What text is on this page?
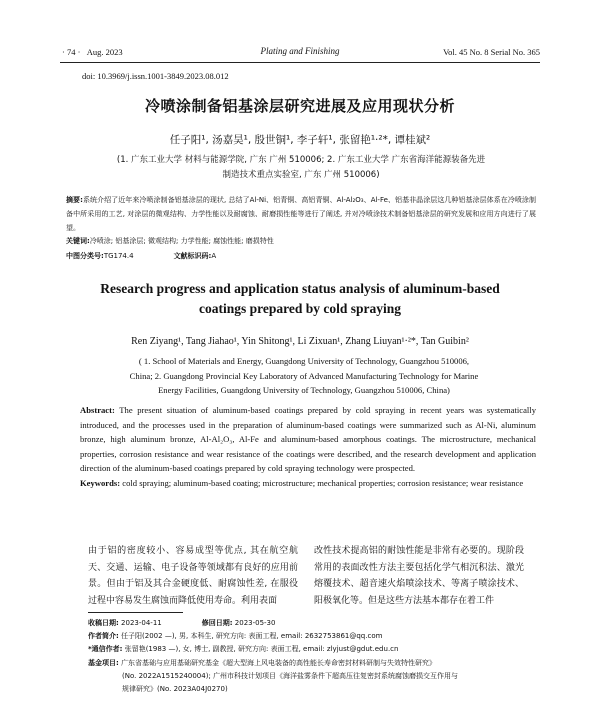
· 74 · Aug. 2023	Plating and Finishing	Vol. 45 No. 8 Serial No. 365
doi: 10.3969/j.issn.1001-3849.2023.08.012
冷喷涂制备铝基涂层研究进展及应用现状分析
任子阳¹, 汤嘉昊¹, 殷世铜¹, 李子轩¹, 张留艳¹·²*, 谭桂斌²
(1. 广东工业大学 材料与能源学院, 广东 广州 510006; 2. 广东工业大学 广东省海洋能源装备先进
制造技术重点实验室, 广东 广州 510006)
摘要:系统介绍了近年来冷喷涂制备铝基涂层的现状, 总结了Al-Ni、铝青铜、高铝青铜、Al-Al₂O₃、Al-Fe、铝基非晶涂层这几种铝基涂层体系在冷喷涂制备中所采用的工艺, 对涂层的微观结构、力学性能以及耐腐蚀、耐磨损性能等进行了阐述, 并对冷喷涂技术制备铝基涂层的研究发展和应用方向进行了展望。
关键词:冷喷涂; 铝基涂层; 微观结构; 力学性能; 腐蚀性能; 磨损特性
中图分类号:TG174.4	文献标识码:A
Research progress and application status analysis of aluminum-based
coatings prepared by cold spraying
Ren Ziyang¹, Tang Jiahao¹, Yin Shitong¹, Li Zixuan¹, Zhang Liuyan¹·²*, Tan Guibin²
( 1. School of Materials and Energy, Guangdong University of Technology, Guangzhou 510006,
China; 2. Guangdong Provincial Key Laboratory of Advanced Manufacturing Technology for Marine
Energy Facilities, Guangdong University of Technology, Guangzhou 510006, China)
Abstract: The present situation of aluminum-based coatings prepared by cold spraying in recent years was systematically introduced, and the processes used in the preparation of aluminum-based coatings were summarized such as Al-Ni, aluminum bronze, high aluminum bronze, Al-Al₂O₃, Al-Fe and aluminum-based amorphous coatings. The microstructure, mechanical properties, corrosion resistance and wear resistance of the coatings were described, and the research development and application direction of the aluminum-based coatings prepared by cold spraying technology were prospected.
Keywords: cold spraying; aluminum-based coating; microstructure; mechanical properties; corrosion resistance; wear resistance
由于铝的密度较小、容易成型等优点, 其在航空航天、交通、运输、电子设备等领域都有良好的应用前景。但由于铝及其合金硬度低、耐腐蚀性差, 在服役过程中容易发生腐蚀而降低使用寿命。利用表面
改性技术提高铝的耐蚀性能是非常有必要的。现阶段常用的表面改性方法主要包括化学气相沉积法、激光熔覆技术、超音速火焰喷涂技术、等离子喷涂技术、阳极氧化等。但是这些方法基本都存在着工件
收稿日期: 2023-04-11	修回日期: 2023-05-30
作者简介: 任子阳(2002 —), 男, 本科生, 研究方向: 表面工程, email: 2632753861@qq.com
*通信作者: 张留艳(1983 —), 女, 博士, 副教授, 研究方向: 表面工程, email: zlyjust@gdut.edu.cn
基金项目: 广东省基础与应用基础研究基金《超大型海上风电装备的高性能长寿命密封材料研制与失效特性研究》
(No. 2022A1515240004); 广州市科技计划项目《海洋盐雾条件下超高压往复密封系统腐蚀磨损交互作用与
规律研究》(No. 2023A04J0270)
